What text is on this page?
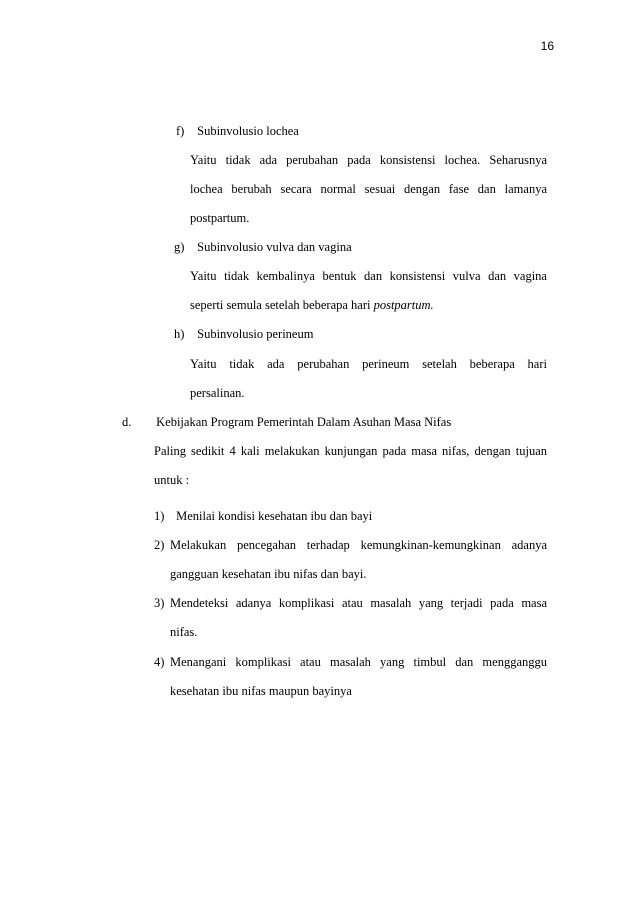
16
f) Subinvolusio lochea
Yaitu tidak ada perubahan pada konsistensi lochea. Seharusnya
lochea berubah secara normal sesuai dengan fase dan lamanya
postpartum.
g) Subinvolusio vulva dan vagina
Yaitu tidak kembalinya bentuk dan konsistensi vulva dan vagina
seperti semula setelah beberapa hari postpartum.
h) Subinvolusio perineum
Yaitu tidak ada perubahan perineum setelah beberapa hari
persalinan.
d. Kebijakan Program Pemerintah Dalam Asuhan Masa Nifas
Paling sedikit 4 kali melakukan kunjungan pada masa nifas, dengan tujuan
untuk :
1) Menilai kondisi kesehatan ibu dan bayi
2) Melakukan pencegahan terhadap kemungkinan-kemungkinan adanya
gangguan kesehatan ibu nifas dan bayi.
3) Mendeteksi adanya komplikasi atau masalah yang terjadi pada masa
nifas.
4) Menangani komplikasi atau masalah yang timbul dan mengganggu
kesehatan ibu nifas maupun bayinya
